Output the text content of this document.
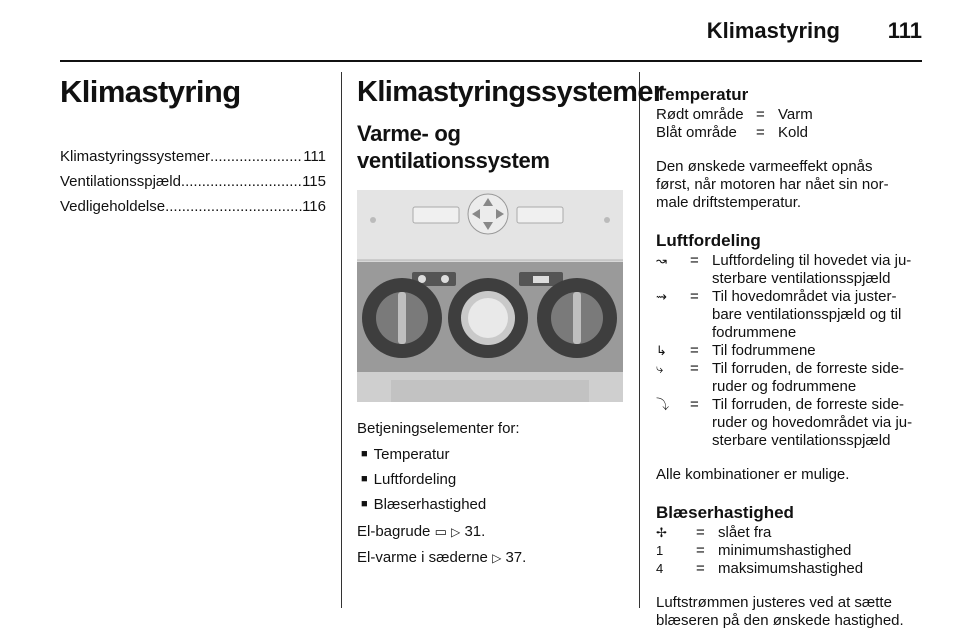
Klimastyring 111
Klimastyring
Klimastyringssystemer .....	111
Ventilationsspjæld .....	115
Vedligeholdelse .....	116
Klimastyringssystemer
Varme- og
ventilationssystem
Betjeningselementer for:
■ Temperatur
■ Luftfordeling
■ Blæserhastighed
El-bagrude ▭ ▷ 31.
El-varme i sæderne ▷ 37.
Temperatur
Rødt område = Varm
Blåt område	= Kold
Den ønskede varmeeffekt opnås
først, når motoren har nået sin nor-
male driftstemperatur.
Luftfordeling
↝	= Luftfordeling til hovedet via ju-
sterbare ventilationsspjæld
⇝	= Til hovedområdet via juster-
bare ventilationsspjæld og til
fodrummene
↳	= Til fodrummene
⤷	= Til forruden, de forreste side-
ruder og fodrummene
⤵	= Til forruden, de forreste side-
ruder og hovedområdet via ju-
sterbare ventilationsspjæld
Alle kombinationer er mulige.
Blæserhastighed
✢	= slået fra
1	= minimumshastighed
4	= maksimumshastighed
Luftstrømmen justeres ved at sætte
blæseren på den ønskede hastighed.
